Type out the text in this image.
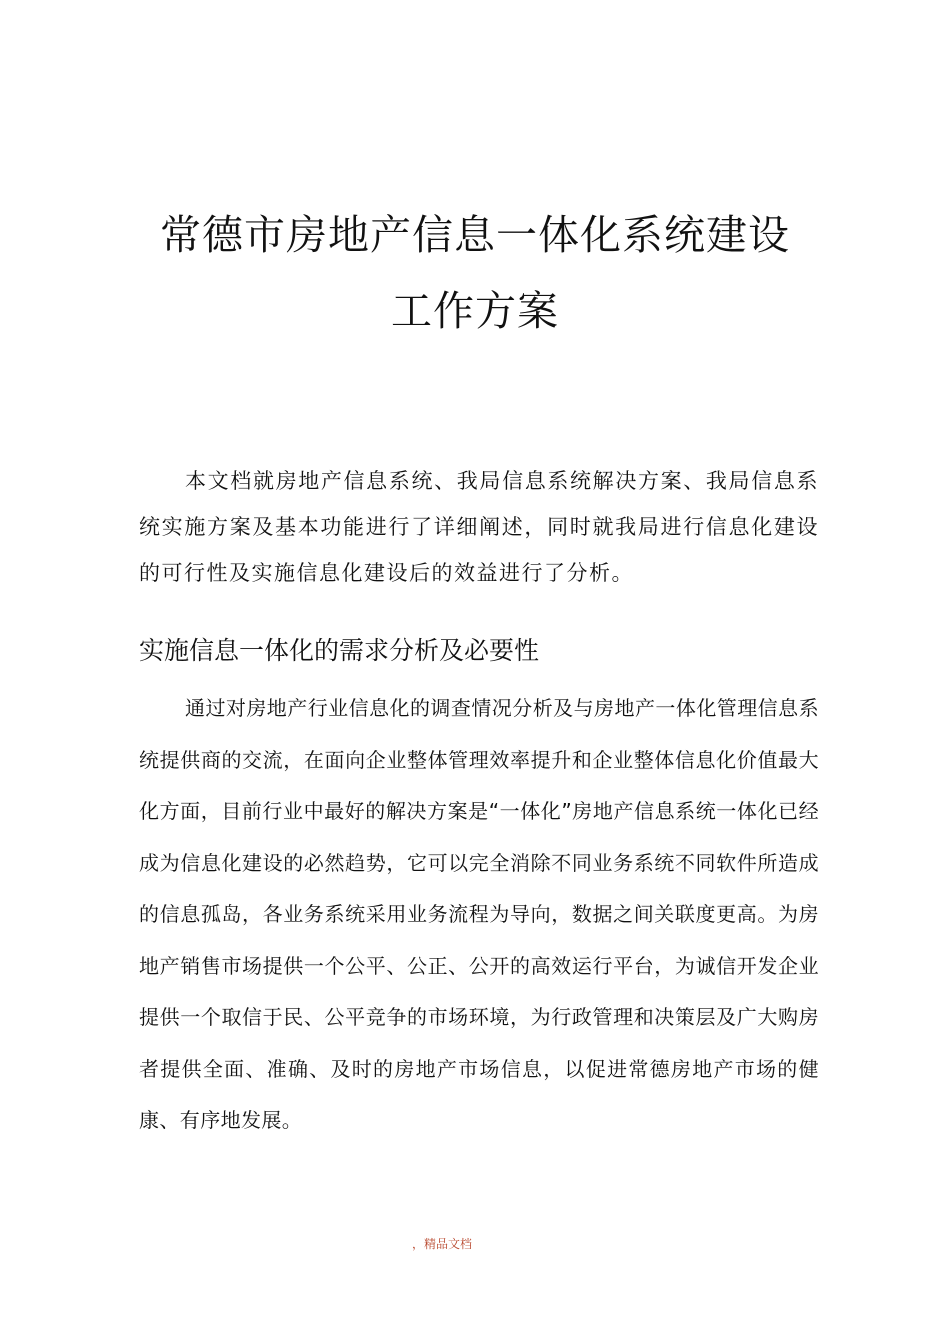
常德市房地产信息一体化系统建设
工作方案

本文档就房地产信息系统、我局信息系统解决方案、我局信息系统实施方案及基本功能进行了详细阐述，同时就我局进行信息化建设的可行性及实施信息化建设后的效益进行了分析。

实施信息一体化的需求分析及必要性

通过对房地产行业信息化的调查情况分析及与房地产一体化管理信息系统提供商的交流，在面向企业整体管理效率提升和企业整体信息化价值最大化方面，目前行业中最好的解决方案是“一体化”房地产信息系统一体化已经成为信息化建设的必然趋势，它可以完全消除不同业务系统不同软件所造成的信息孤岛，各业务系统采用业务流程为导向，数据之间关联度更高。为房地产销售市场提供一个公平、公正、公开的高效运行平台，为诚信开发企业提供一个取信于民、公平竞争的市场环境，为行政管理和决策层及广大购房者提供全面、准确、及时的房地产市场信息，以促进常德房地产市场的健康、有序地发展。

，精品文档
